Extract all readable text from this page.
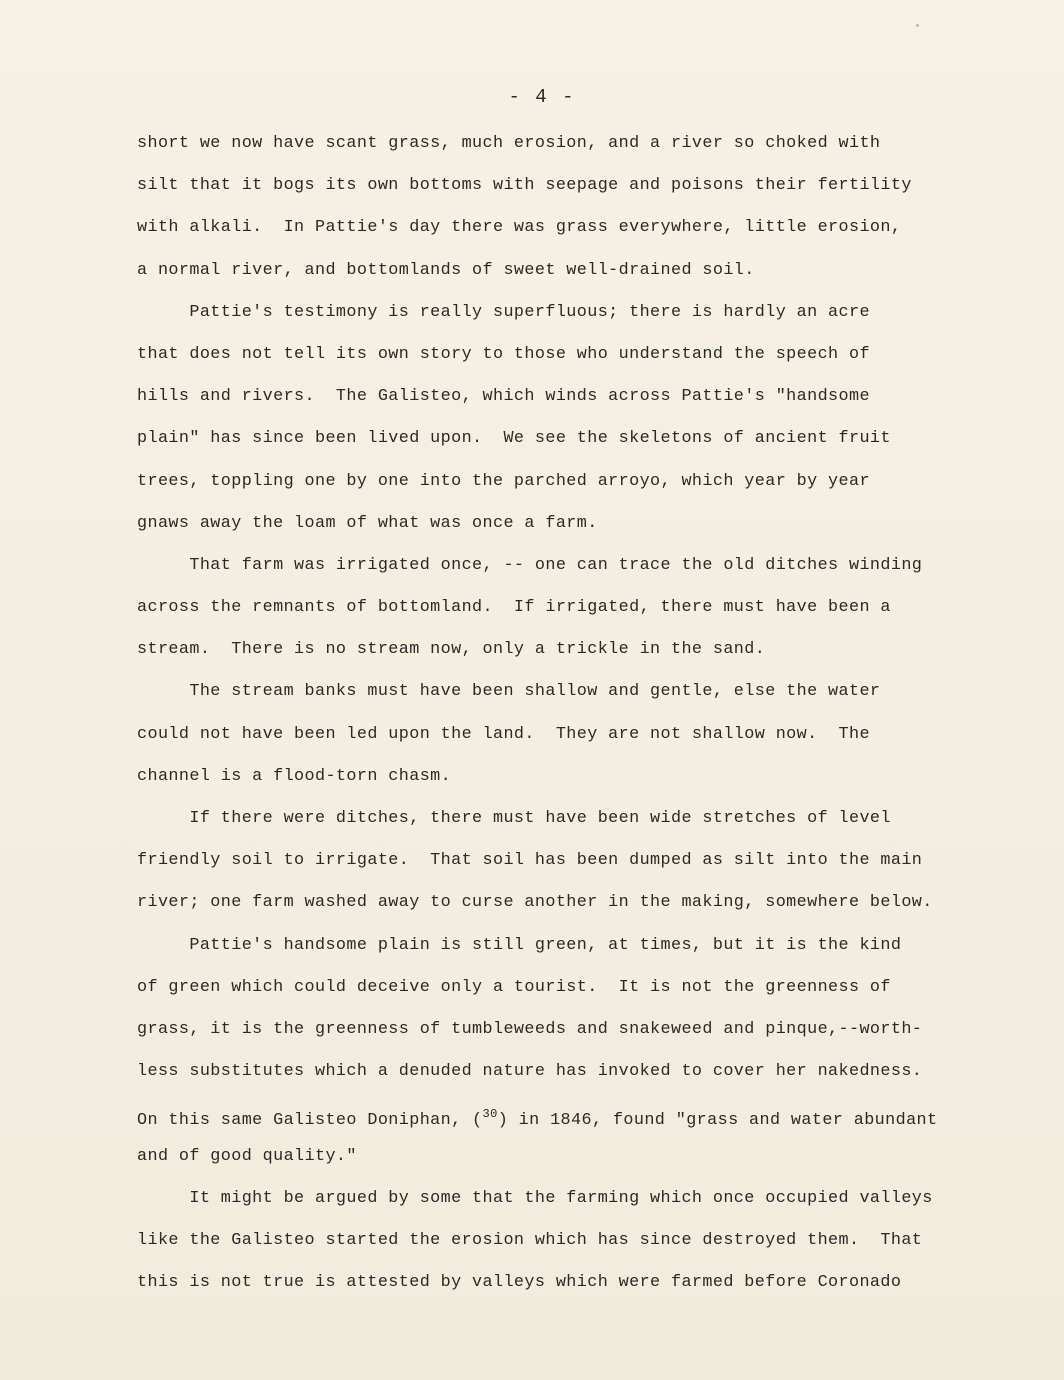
- 4 -
short we now have scant grass, much erosion, and a river so choked with
silt that it bogs its own bottoms with seepage and poisons their fertility
with alkali.  In Pattie's day there was grass everywhere, little erosion,
a normal river, and bottomlands of sweet well-drained soil.
Pattie's testimony is really superfluous; there is hardly an acre
that does not tell its own story to those who understand the speech of
hills and rivers.  The Galisteo, which winds across Pattie's "handsome
plain" has since been lived upon.  We see the skeletons of ancient fruit
trees, toppling one by one into the parched arroyo, which year by year
gnaws away the loam of what was once a farm.
That farm was irrigated once, -- one can trace the old ditches winding
across the remnants of bottomland.  If irrigated, there must have been a
stream.  There is no stream now, only a trickle in the sand.
The stream banks must have been shallow and gentle, else the water
could not have been led upon the land.  They are not shallow now.  The
channel is a flood-torn chasm.
If there were ditches, there must have been wide stretches of level
friendly soil to irrigate.  That soil has been dumped as silt into the main
river; one farm washed away to curse another in the making, somewhere below.
Pattie's handsome plain is still green, at times, but it is the kind
of green which could deceive only a tourist.  It is not the greenness of
grass, it is the greenness of tumbleweeds and snakeweed and pinque,--worth-
less substitutes which a denuded nature has invoked to cover her nakedness.
On this same Galisteo Doniphan, ($^{30}$) in 1846, found "grass and water abundant
and of good quality."
It might be argued by some that the farming which once occupied valleys
like the Galisteo started the erosion which has since destroyed them.  That
this is not true is attested by valleys which were farmed before Coronado
